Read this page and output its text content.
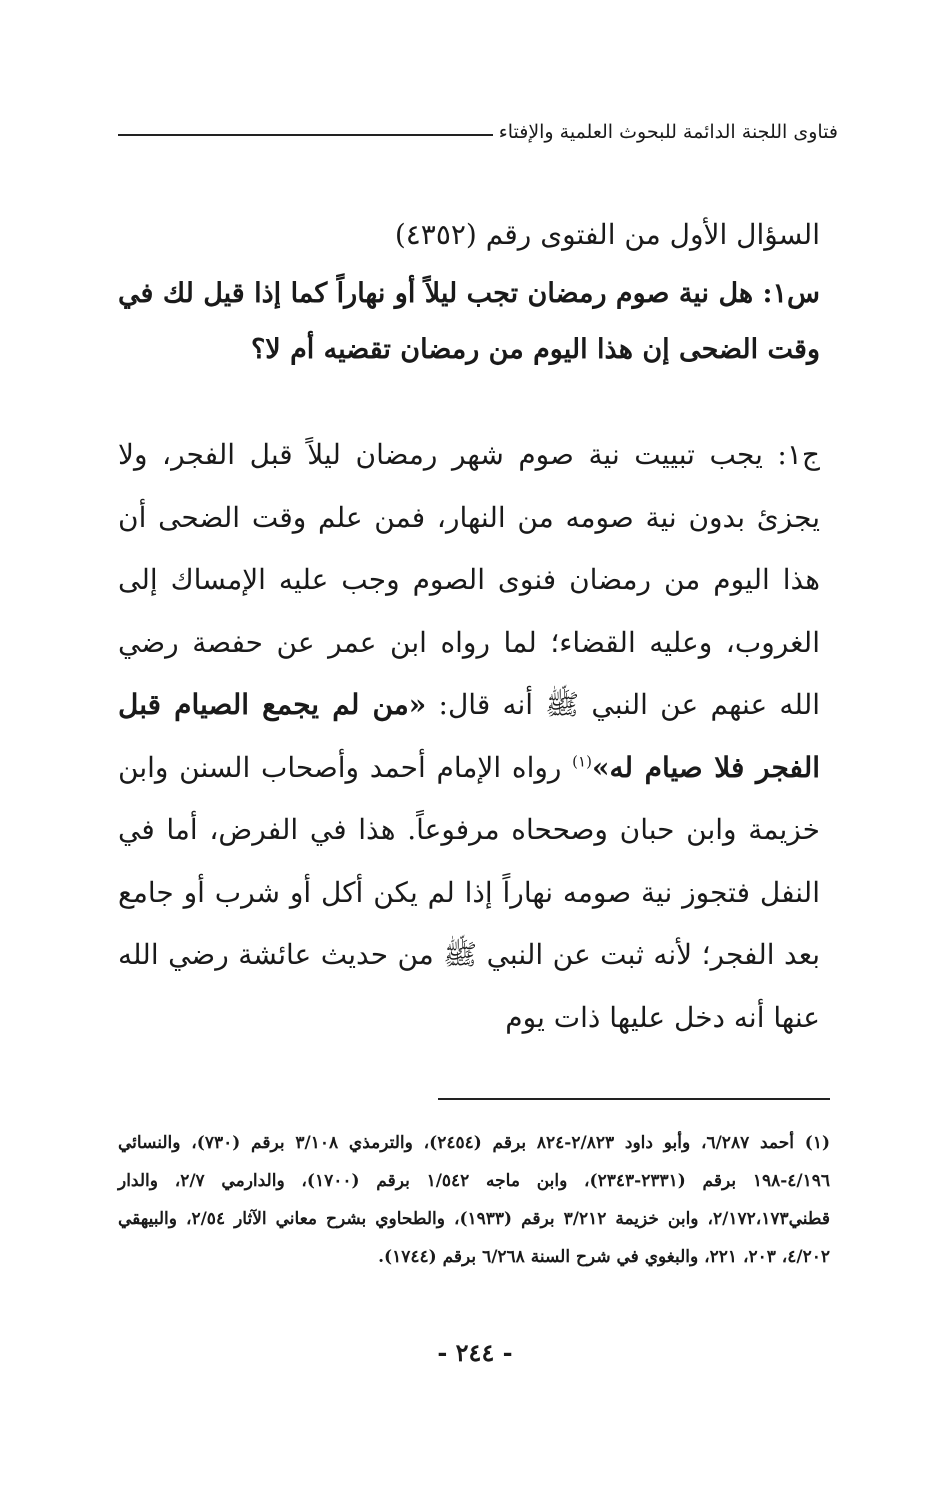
فتاوى اللجنة الدائمة للبحوث العلمية والإفتاء
السؤال الأول من الفتوى رقم (٤٣٥٢)
س١: هل نية صوم رمضان تجب ليلاً أو نهاراً كما إذا قيل لك في وقت الضحى إن هذا اليوم من رمضان تقضيه أم لا؟
ج١: يجب تبييت نية صوم شهر رمضان ليلاً قبل الفجر، ولا يجزئ بدون نية صومه من النهار، فمن علم وقت الضحى أن هذا اليوم من رمضان فنوى الصوم وجب عليه الإمساك إلى الغروب، وعليه القضاء؛ لما رواه ابن عمر عن حفصة رضي الله عنهم عن النبي ﷺ أنه قال: «من لم يجمع الصيام قبل الفجر فلا صيام له»$^{(١)}$ رواه الإمام أحمد وأصحاب السنن وابن خزيمة وابن حبان وصححاه مرفوعاً. هذا في الفرض، أما في النفل فتجوز نية صومه نهاراً إذا لم يكن أكل أو شرب أو جامع بعد الفجر؛ لأنه ثبت عن النبي ﷺ من حديث عائشة رضي الله عنها أنه دخل عليها ذات يوم

(١) أحمد ٦/٢٨٧، وأبو داود ٢/٨٢٣-٨٢٤ برقم (٢٤٥٤)، والترمذي ٣/١٠٨ برقم (٧٣٠)، والنسائي ٤/١٩٦-١٩٨ برقم (٢٣٣١-٢٣٤٣)، وابن ماجه ١/٥٤٢ برقم (١٧٠٠)، والدارمي ٢/٧، والدار قطني٢/١٧٢،١٧٣، وابن خزيمة ٣/٢١٢ برقم (١٩٣٣)، والطحاوي بشرح معاني الآثار ٢/٥٤، والبيهقي ٤/٢٠٢، ٢٠٣، ٢٢١، والبغوي في شرح السنة ٦/٢٦٨ برقم (١٧٤٤).

- ٢٤٤ -
